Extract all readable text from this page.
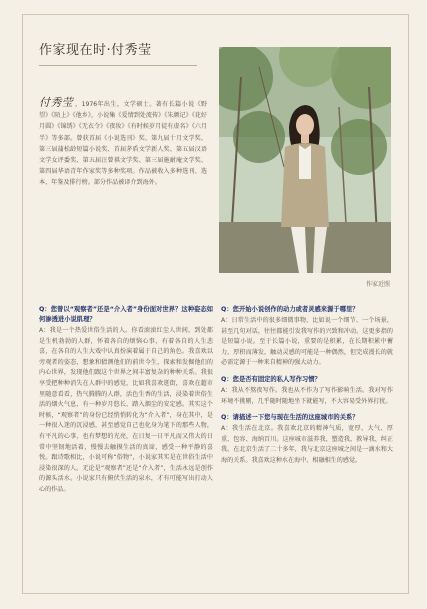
作家现在时·付秀莹
付秀莹 ，1976年出生，文学硕士。著有长篇小说《野望》《陌上》《他乡》，小说集《爱情到处流传》《朱颜记》《花好月圆》《锦绣》《无衣令》《夜妆》《有时候岁月徒有虚名》《六月半》等多部。曾获首届《小说选刊》奖、第九届十月文学奖、第三届蒲松龄短篇小说奖、首届茅盾文学新人奖、第五届汉语文学女评委奖、第五届汪曾祺文学奖、第三届施耐庵文学奖、第四届华语青年作家奖等多种奖项。作品被收入多种选刊、选本、年鉴及排行榜。部分作品被译介到海外。
作家近照
Q：您曾以“观察者”还是“介入者”身份面对世界？这种姿态如何渗透进小说肌理？
A：我是一个热爱世俗生活的人。你看滚滚红尘人世间，到处都是生机勃勃的人群，怀着各自的烦恼心事，有着各自的人生悲喜，在各自的人生大戏中认真扮演着属于自己的角色。我喜欢以旁观者的姿态，想象和猜测他们的前世今生，探索和发掘他们的内心世界，发现他们跟这个世界之间丰富复杂的种种关系。我很享受把种种消失在人群中的感觉，比如我喜欢逛街，喜欢在超市里随意看看，热气腾腾的人群，活色生香的生活，浸染着世俗生活的烟火气息，有一种岁月悠长、踏入烟尘的安定感。其实这个时候，“观察者”的身份已经悄悄转化为“介入者”，身在其中，是一种很入迷的沉浸感，甚至感觉自己也化身为笔下的那些人物，有平凡的心事，也有梦想的光亮，在日复一日平凡而又伟大的日常中坚韧地活着，慢慢去触摸生活的真谛，感受一种平静的喜悦。跟诗歌相比，小说可称“俗物”，小说家其实是在世俗生活中浸染很深的人。无论是“观察者”还是“介入者”，生活永远是创作的源头活水。小说家只有俯伏生活的泉水，才有可能写出打动人心的作品。
Q：您开始小说创作的动力或者灵感来源于哪里？
A：日常生活中的很多细微事物，比如说一个细节、一个场景，甚至几句对话，往往都能引发我写作的兴致和冲动。这更多指的是短篇小说。至于长篇小说，重要的是积累，在长期积累中蓄力，厚积而薄发，触动灵感的可能是一种偶然，但完成漫长的就必需定源于一种来自精神的强大动力。
Q：您是否有固定的私人写作习惯？
A：我从不熬夜写作。我也从不作为了写作影响生活。我对写作环境不挑剔，几乎随时随地坐下就能写，不大容易受外界打扰。
Q：请描述一下您与现在生活的这座城市的关系？
A：我生活在北京。我喜欢北京的精神气质，宽厚、大气、厚重、包容、海纳百川。这座城市滋养我、塑造我、教导我、纠正我。在北京生活了二十多年，我与北京这座城之间是一滴水和大海的关系。我喜欢这种水在海中、相融相生的感觉。
